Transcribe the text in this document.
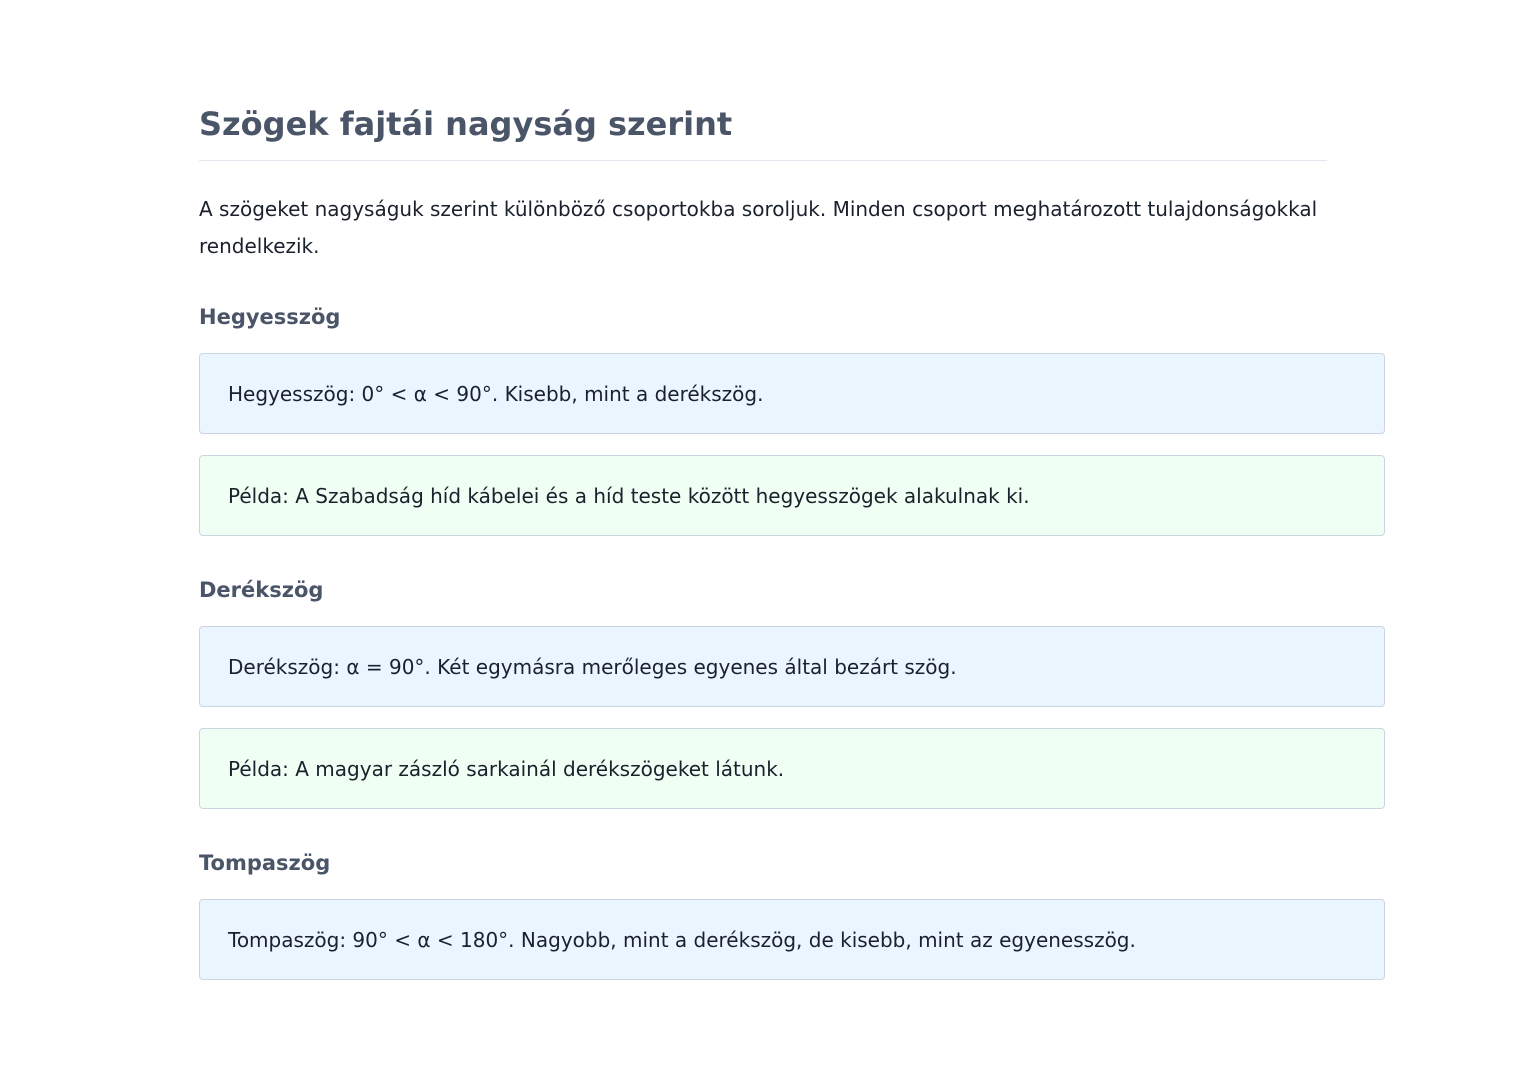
Szögek fajtái nagyság szerint

A szögeket nagyságuk szerint különböző csoportokba soroljuk. Minden csoport meghatározott tulajdonságokkal rendelkezik.

Hegyesszög
Hegyesszög: 0° < α < 90°. Kisebb, mint a derékszög.
Példa: A Szabadság híd kábelei és a híd teste között hegyesszögek alakulnak ki.
Derékszög
Derékszög: α = 90°. Két egymásra merőleges egyenes által bezárt szög.
Példa: A magyar zászló sarkainál derékszögeket látunk.
Tompaszög
Tompaszög: 90° < α < 180°. Nagyobb, mint a derékszög, de kisebb, mint az egyenesszög.
